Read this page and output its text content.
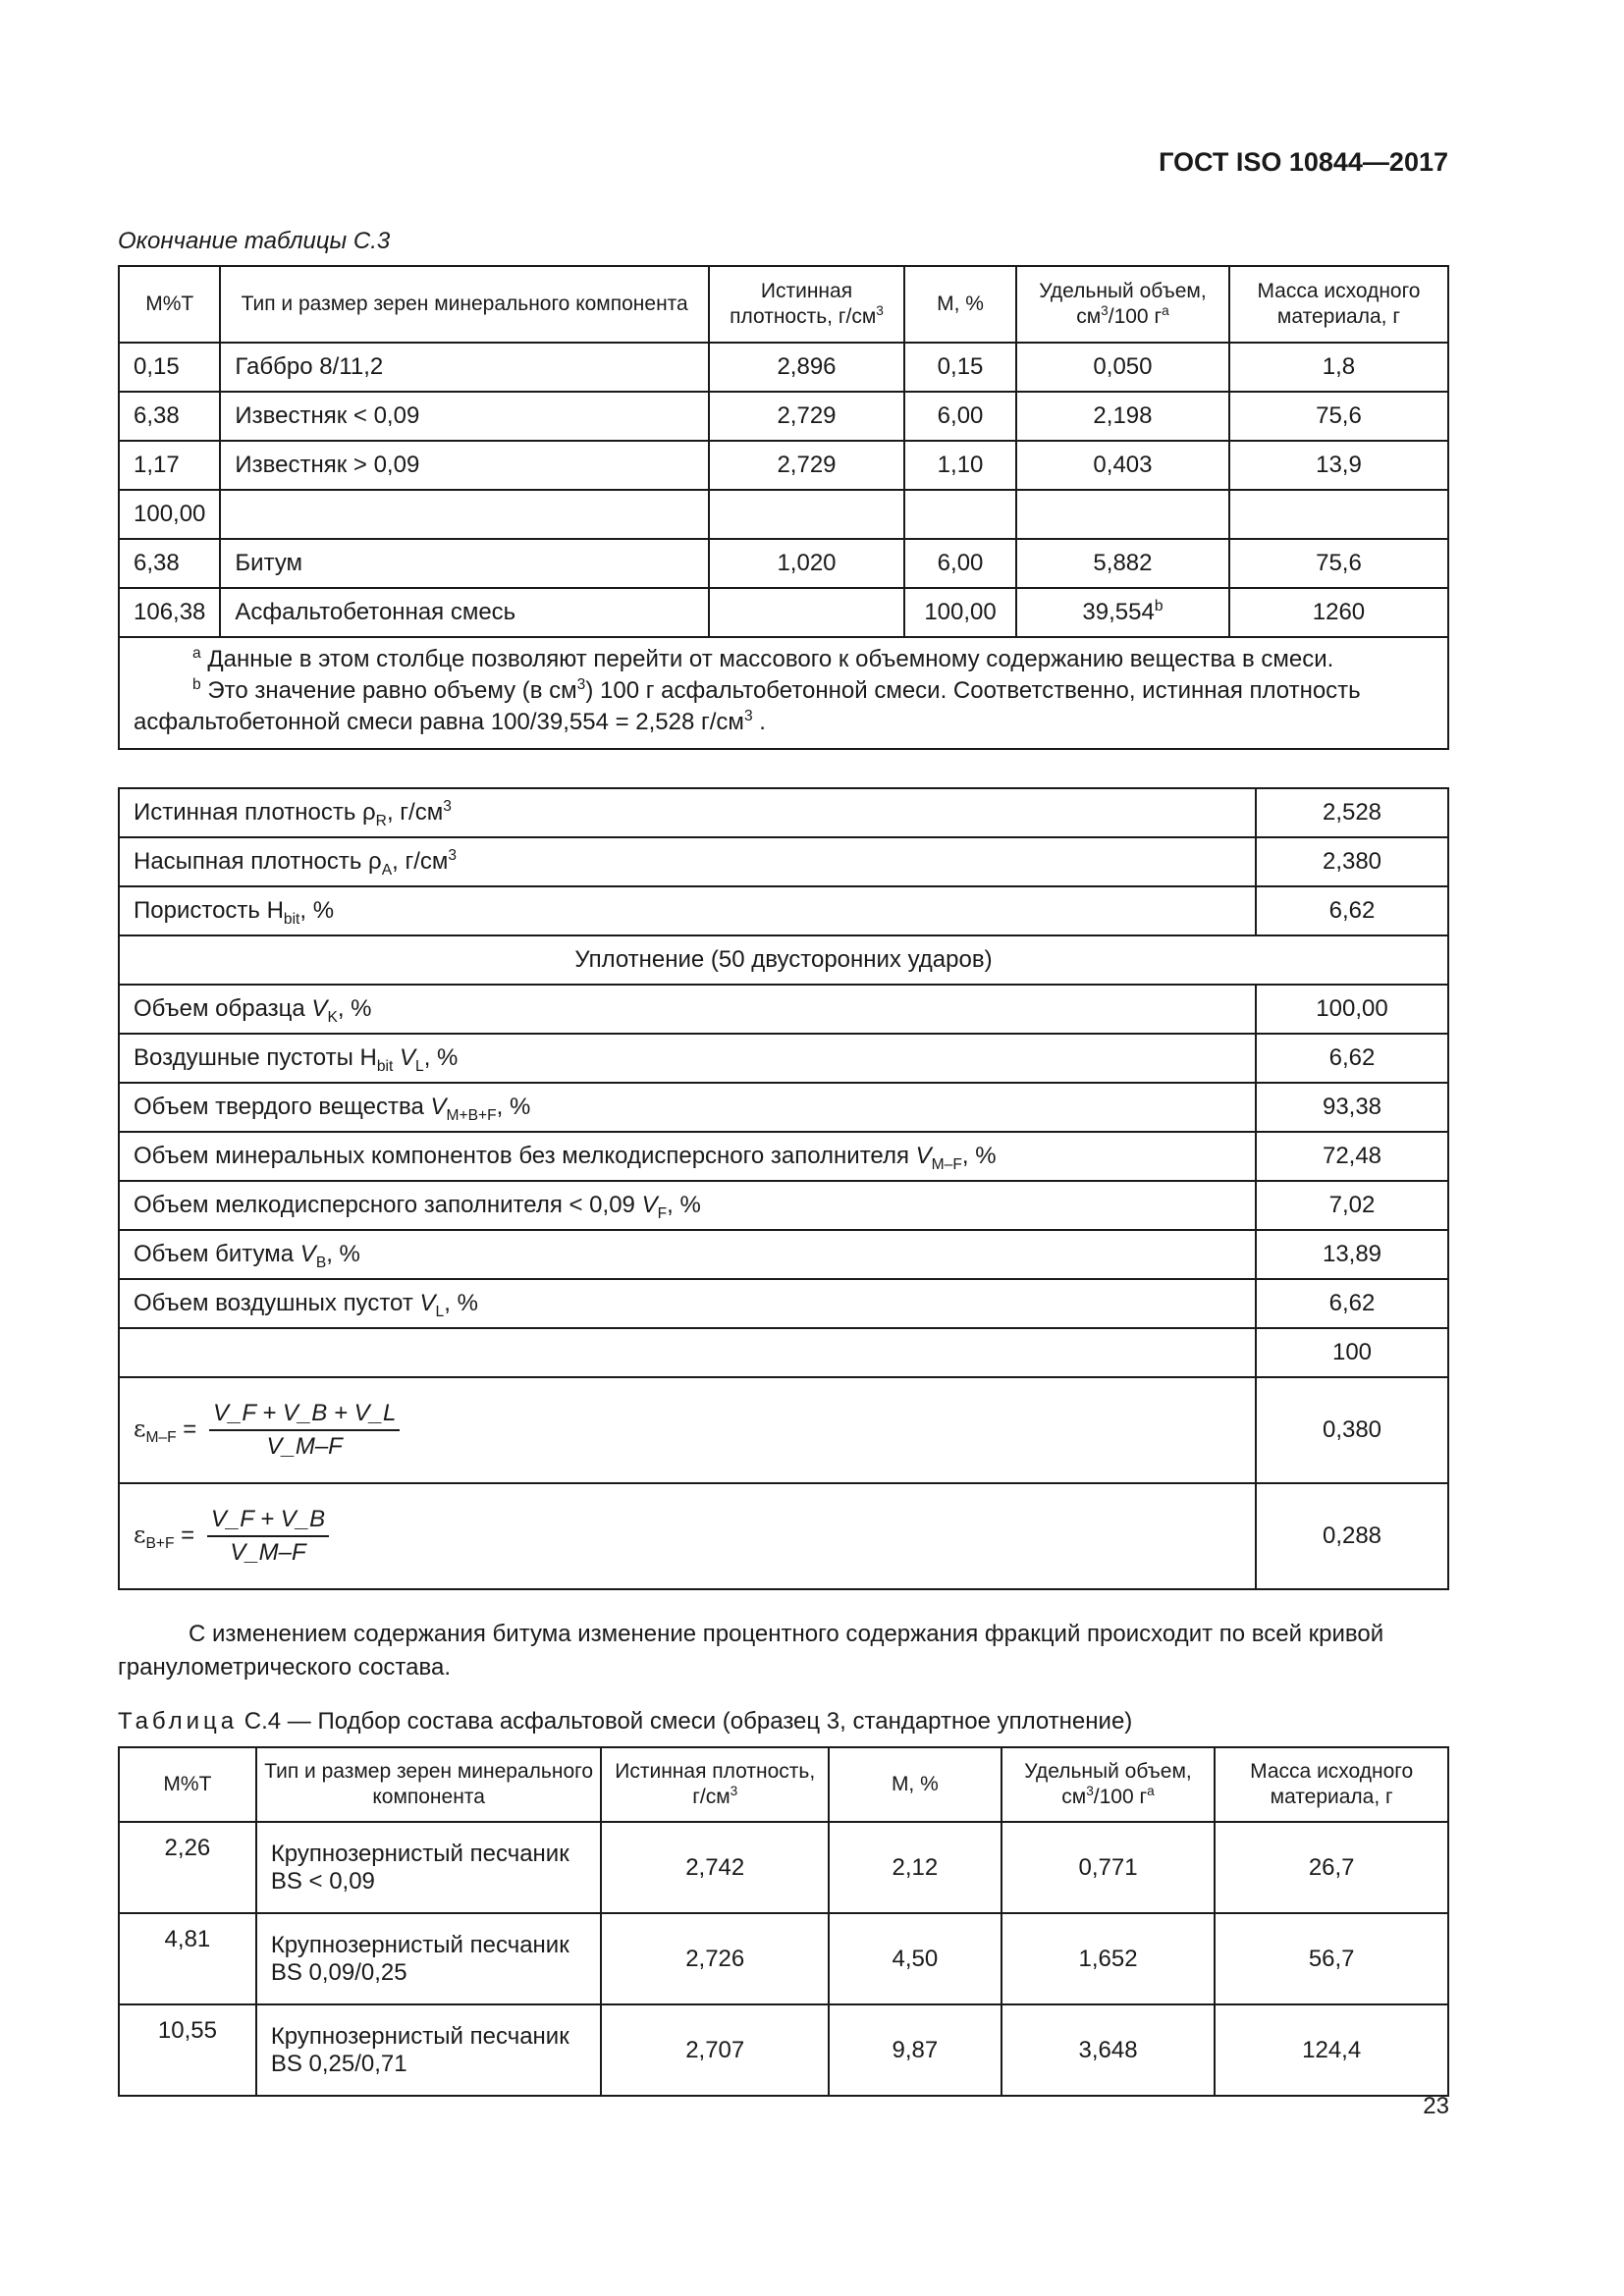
ГОСТ ISO 10844—2017
Окончание таблицы С.3
M%T	Тип и размер зерен минерального компонента	Истинная плотность, $г/см^3$	М, %	Удельный объем, $см^3/100$ $г^a$	Массa исходного материала, г
0,15	Габбро 8/11,2	2,896	0,15	0,050	1,8
6,38	Известняк < 0,09	2,729	6,00	2,198	75,6
1,17	Известняк > 0,09	2,729	1,10	0,403	13,9
100,00					
6,38	Битум	1,020	6,00	5,882	75,6
106,38	Асфальтобетонная смесь		100,00	39,554$^b$	1260

$^a$ Данные в этом столбце позволяют перейти от массового к объемному содержанию вещества в смеси.
$^b$ Это значение равно объему (в $см^3$) 100 г асфальтобетонной смеси. Соответственно, истинная плотность асфальтобетонной смеси равна 100/39,554 = 2,528 $г/см^3$ .					
Истинная плотность $\rho_R$, $г/см^3$	2,528
Насыпная плотность $\rho_A$, $г/см^3$	2,380
Пористость $H_{bit}$, %	6,62
Уплотнение (50 двусторонних ударов)	
Объем образца $V_K$, %	100,00
Воздушные пустоты $H_{bit}$ $V_L$, %	6,62
Объем твердого вещества $V_{M+B+F}$, %	93,38
Объем минеральных компонентов без мелкодисперсного заполнителя $V_{M-F}$, %	72,48
Объем мелкодисперсного заполнителя < 0,09 $V_F$, %	7,02
Объем битума $V_B$, %	13,89
Объем воздушных пустот $V_L$, %	6,62
	100
$\varepsilon_{M-F} = \frac{V\_F + V\_B + V\_L}{V\_M-F}$	0,380
$\varepsilon_{B+F} = \frac{V\_F + V\_B}{V\_M-F}$	0,288
С изменением содержания битума изменение процентного содержания фракций происходит по всей кривой гранулометрического состава.
Таблица С.4 — Подбор состава асфальтовой смеси (образец 3, стандартное уплотнение)
M%T	Тип и размер зерен минерального компонента	Истинная плотность, $г/см^3$	М, %	Удельный объем, $см^3/100$ $г^a$	Масса исходного материала, г
2,26	Крупнозернистый песчаник BS < 0,09	2,742	2,12	0,771	26,7
4,81	Крупнозернистый песчаник BS 0,09/0,25	2,726	4,50	1,652	56,7
10,55	Крупнозернистый песчаник BS 0,25/0,71	2,707	9,87	3,648	124,4
23
